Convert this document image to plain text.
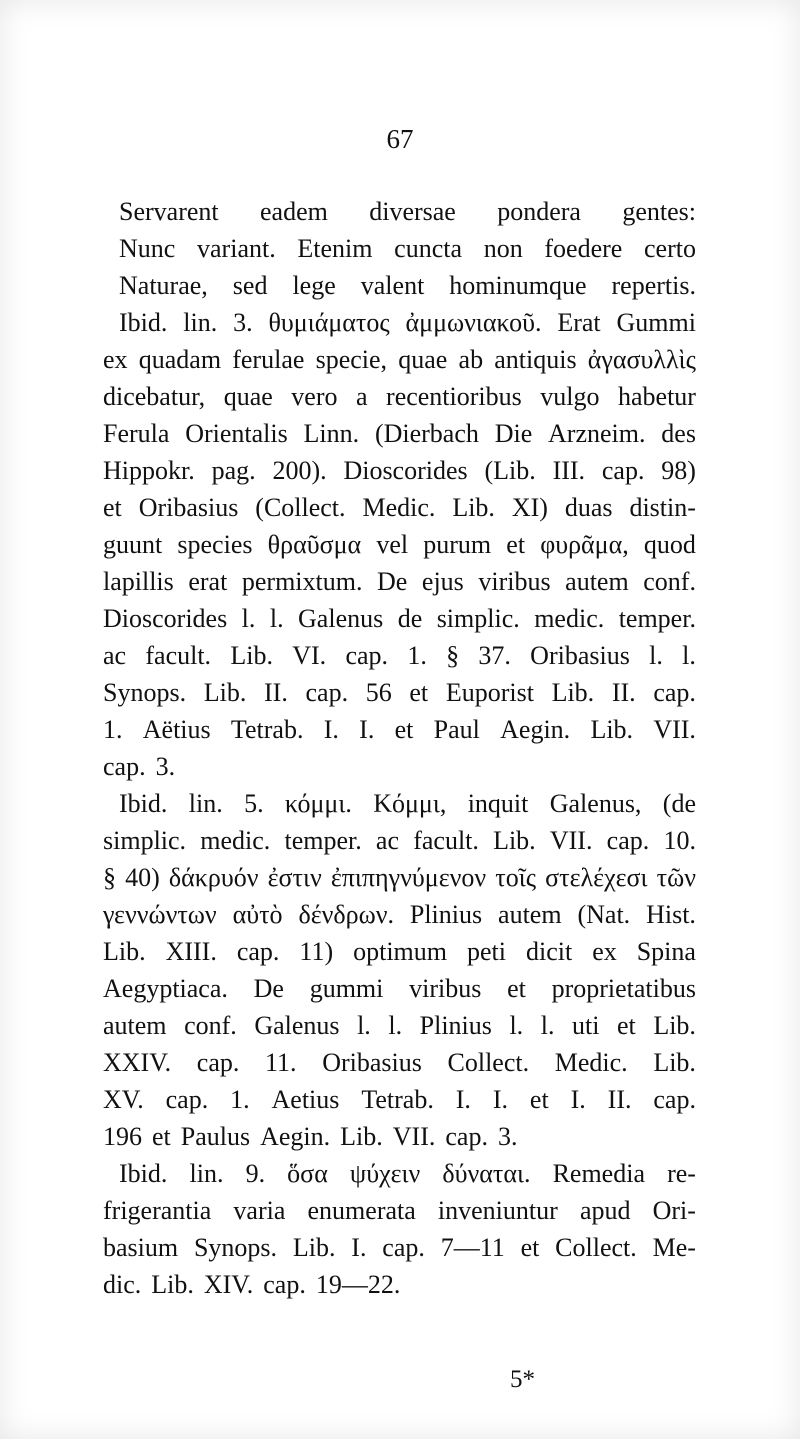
67
Servarent eadem diversae pondera gentes:
Nunc variant. Etenim cuncta non foedere certo
Naturae, sed lege valent hominumque repertis.
Ibid. lin. 3. θυμιάματος ἀμμωνιακοῦ. Erat Gummi
ex quadam ferulae specie, quae ab antiquis ἀγασυλλὶς
dicebatur, quae vero a recentioribus vulgo habetur
Ferula Orientalis Linn. (Dierbach Die Arzneim. des
Hippokr. pag. 200). Dioscorides (Lib. III. cap. 98)
et Oribasius (Collect. Medic. Lib. XI) duas distin-
guunt species θραῦσμα vel purum et φυρᾶμα, quod
lapillis erat permixtum. De ejus viribus autem conf.
Dioscorides l. l. Galenus de simplic. medic. temper.
ac facult. Lib. VI. cap. 1. § 37. Oribasius l. l.
Synops. Lib. II. cap. 56 et Euporist Lib. II. cap.
1. Aëtius Tetrab. I. I. et Paul Aegin. Lib. VII.
cap. 3.
Ibid. lin. 5. κόμμι. Κόμμι, inquit Galenus, (de
simplic. medic. temper. ac facult. Lib. VII. cap. 10.
§ 40) δάκρυόν ἐστιν ἐπιπηγνύμενον τοῖς στελέχεσι τῶν
γεννώντων αὐτὸ δένδρων. Plinius autem (Nat. Hist.
Lib. XIII. cap. 11) optimum peti dicit ex Spina
Aegyptiaca. De gummi viribus et proprietatibus
autem conf. Galenus l. l. Plinius l. l. uti et Lib.
XXIV. cap. 11. Oribasius Collect. Medic. Lib.
XV. cap. 1. Aetius Tetrab. I. I. et I. II. cap.
196 et Paulus Aegin. Lib. VII. cap. 3.
Ibid. lin. 9. ὅσα ψύχειν δύναται. Remedia re-
frigerantia varia enumerata inveniuntur apud Ori-
basium Synops. Lib. I. cap. 7—11 et Collect. Me-
dic. Lib. XIV. cap. 19—22.
5*
